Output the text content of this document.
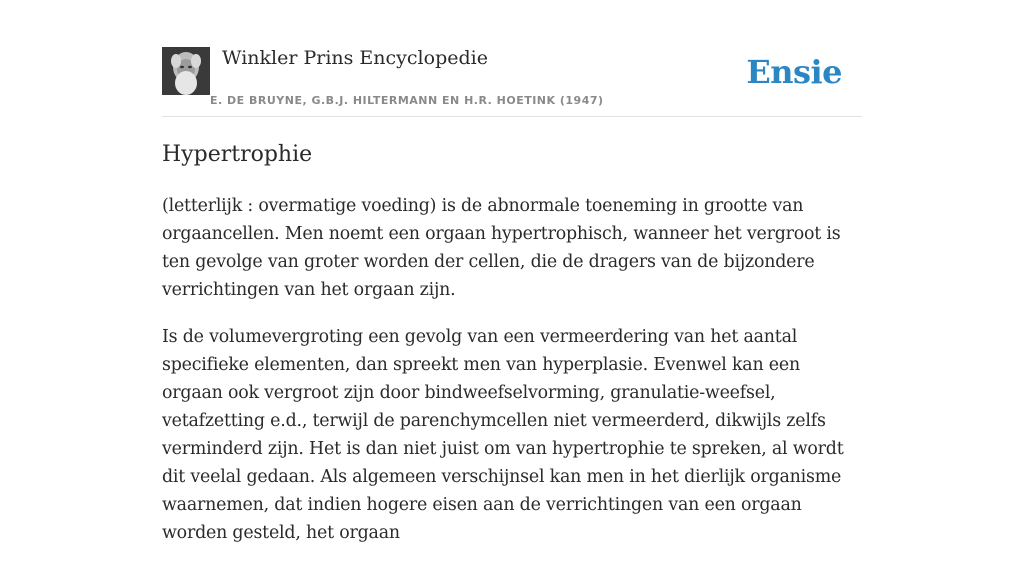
Winkler Prins Encyclopedie
E. DE BRUYNE, G.B.J. HILTERMANN EN H.R. HOETINK (1947)
Ensie
Hypertrophie

(letterlijk : overmatige voeding) is de abnormale toeneming in grootte van orgaancellen. Men noemt een orgaan hypertrophisch, wanneer het vergroot is ten gevolge van groter worden der cellen, die de dragers van de bijzondere verrichtingen van het orgaan zijn.

Is de volumevergroting een gevolg van een vermeerdering van het aantal specifieke elementen, dan spreekt men van hyperplasie. Evenwel kan een orgaan ook vergroot zijn door bindweefselvorming, granulatie-weefsel, vetafzetting e.d., terwijl de parenchymcellen niet vermeerderd, dikwijls zelfs verminderd zijn. Het is dan niet juist om van hypertrophie te spreken, al wordt dit veelal gedaan. Als algemeen verschijnsel kan men in het dierlijk organisme waarnemen, dat indien hogere eisen aan de verrichtingen van een orgaan worden gesteld, het orgaan
